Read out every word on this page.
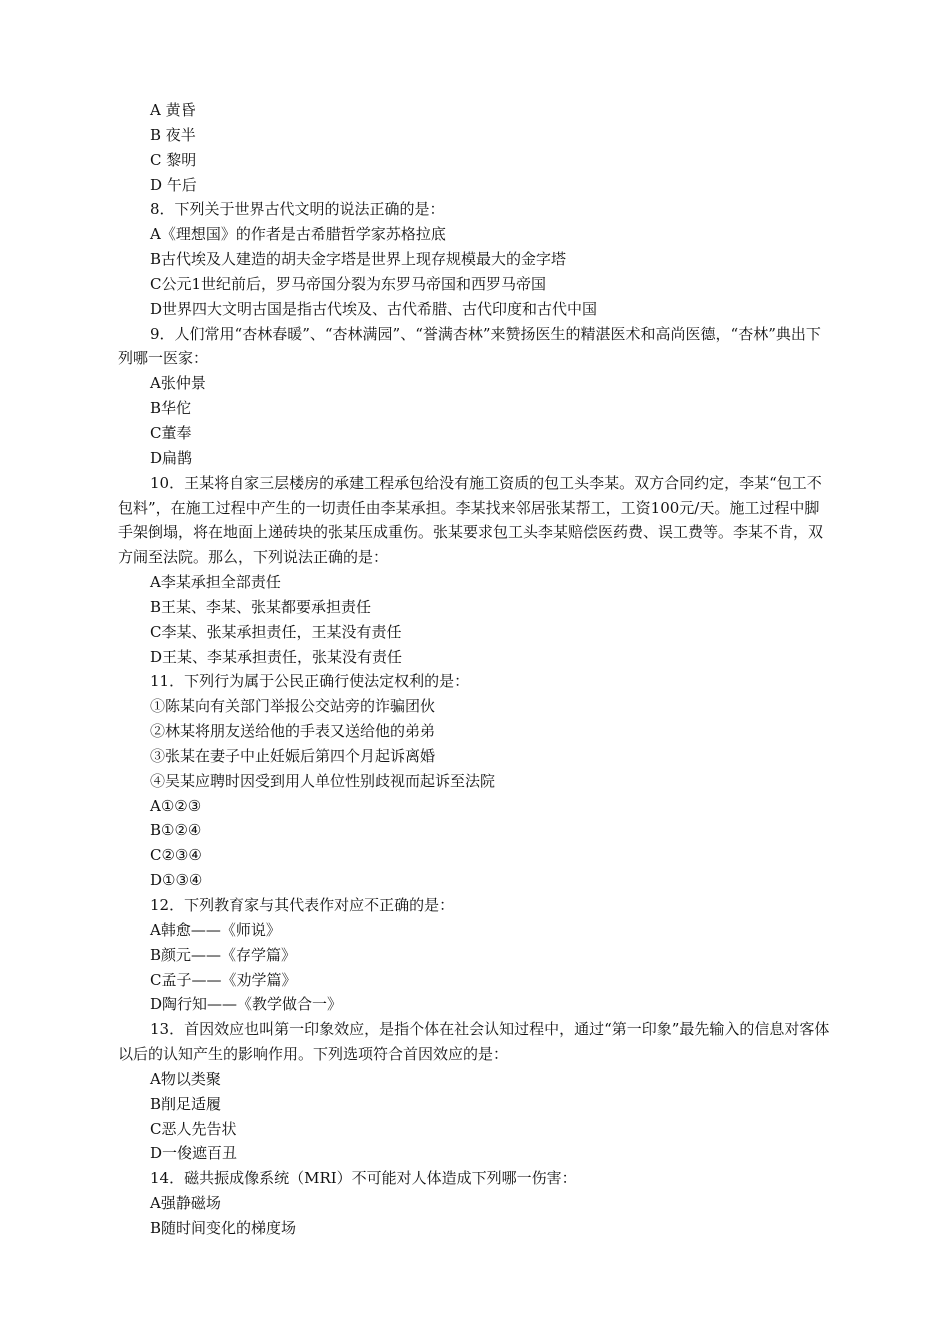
A 黄昏
B 夜半
C 黎明
D 午后
8．下列关于世界古代文明的说法正确的是：
A《理想国》的作者是古希腊哲学家苏格拉底
B古代埃及人建造的胡夫金字塔是世界上现存规模最大的金字塔
C公元1世纪前后，罗马帝国分裂为东罗马帝国和西罗马帝国
D世界四大文明古国是指古代埃及、古代希腊、古代印度和古代中国
9．人们常用“杏林春暖”、“杏林满园”、“誉满杏林”来赞扬医生的精湛医术和高尚医德，“杏林”典出下列哪一医家：
A张仲景
B华佗
C董奉
D扁鹊
10．王某将自家三层楼房的承建工程承包给没有施工资质的包工头李某。双方合同约定，李某“包工不包料”，在施工过程中产生的一切责任由李某承担。李某找来邻居张某帮工，工资100元/天。施工过程中脚手架倒塌，将在地面上递砖块的张某压成重伤。张某要求包工头李某赔偿医药费、误工费等。李某不肯，双方闹至法院。那么，下列说法正确的是：
A李某承担全部责任
B王某、李某、张某都要承担责任
C李某、张某承担责任，王某没有责任
D王某、李某承担责任，张某没有责任
11．下列行为属于公民正确行使法定权利的是：
①陈某向有关部门举报公交站旁的诈骗团伙
②林某将朋友送给他的手表又送给他的弟弟
③张某在妻子中止妊娠后第四个月起诉离婚
④吴某应聘时因受到用人单位性别歧视而起诉至法院
A①②③
B①②④
C②③④
D①③④
12．下列教育家与其代表作对应不正确的是：
A韩愈——《师说》
B颜元——《存学篇》
C孟子——《劝学篇》
D陶行知——《教学做合一》
13．首因效应也叫第一印象效应，是指个体在社会认知过程中，通过“第一印象”最先输入的信息对客体以后的认知产生的影响作用。下列选项符合首因效应的是：
A物以类聚
B削足适履
C恶人先告状
D一俊遮百丑
14．磁共振成像系统（MRI）不可能对人体造成下列哪一伤害：
A强静磁场
B随时间变化的梯度场
